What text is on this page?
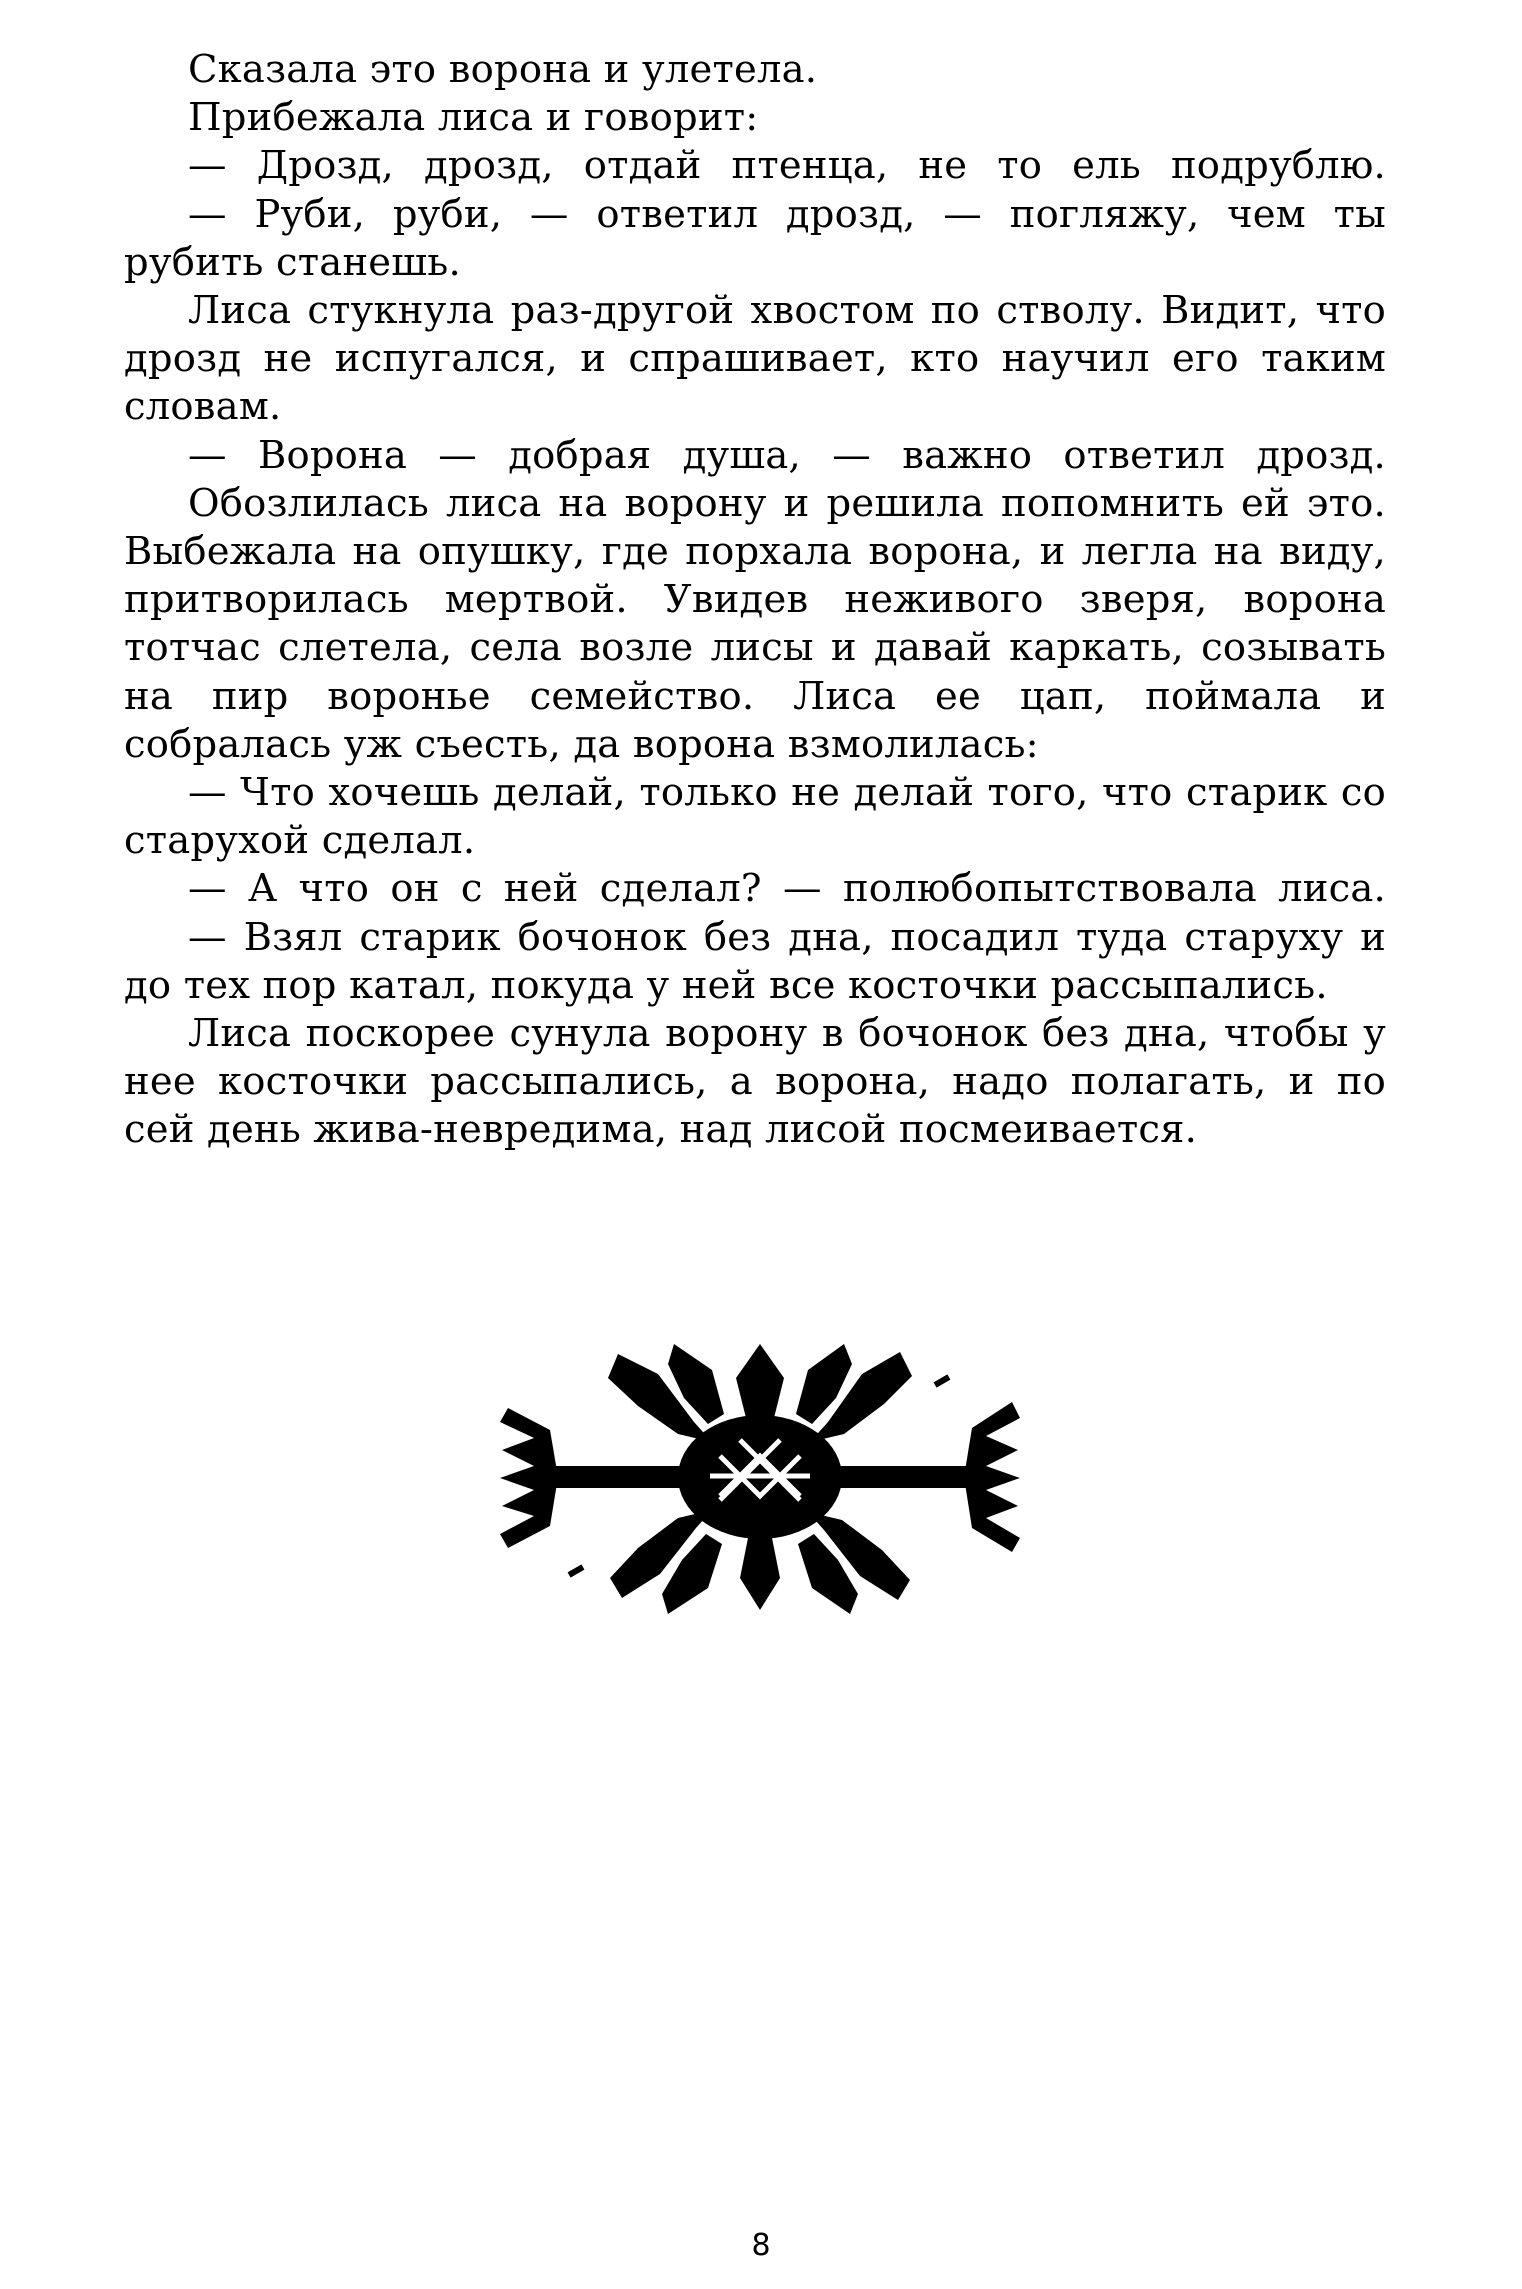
Сказала это ворона и улетела.

Прибежала лиса и говорит:

— Дрозд, дрозд, отдай птенца, не то ель подрублю.

— Руби, руби, — ответил дрозд, — погляжу, чем ты рубить станешь.

Лиса стукнула раз-другой хвостом по стволу. Видит, что дрозд не испугался, и спрашивает, кто научил его таким словам.

— Ворона — добрая душа, — важно ответил дрозд.

Обозлилась лиса на ворону и решила попомнить ей это. Выбежала на опушку, где порхала ворона, и легла на виду, притворилась мертвой. Увидев неживого зверя, ворона тотчас слетела, села возле лисы и давай каркать, созывать на пир воронье семейство. Лиса ее цап, поймала и собралась уж съесть, да ворона взмолилась:

— Что хочешь делай, только не делай того, что старик со старухой сделал.

— А что он с ней сделал? — полюбопытствовала лиса.

— Взял старик бочонок без дна, посадил туда старуху и до тех пор катал, покуда у ней все косточки рассыпались.

Лиса поскорее сунула ворону в бочонок без дна, чтобы у нее косточки рассыпались, а ворона, надо полагать, и по сей день жива-невредима, над лисой посмеивается.

8
